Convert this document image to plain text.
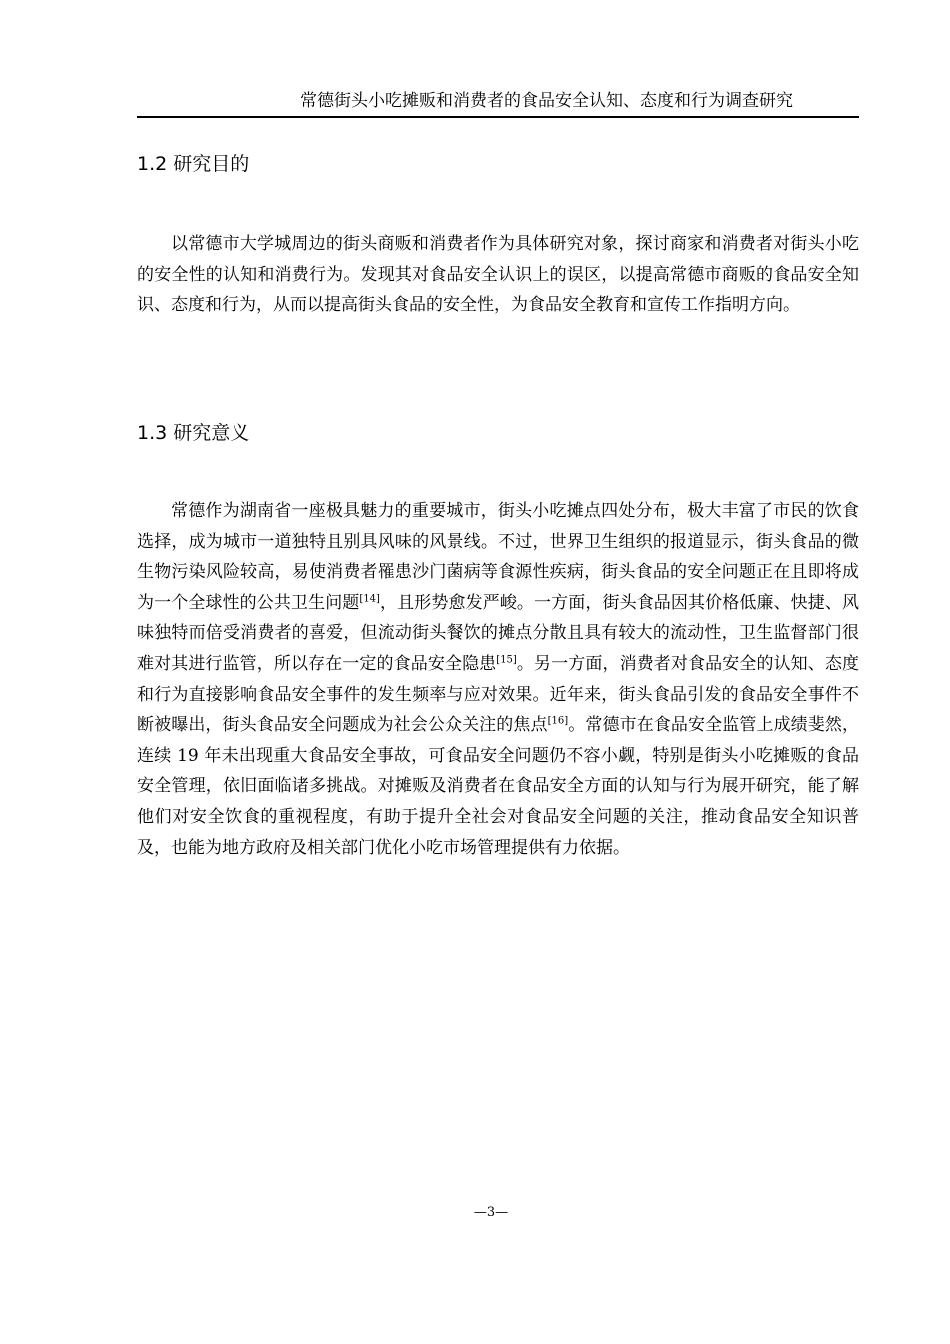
常德街头小吃摊贩和消费者的食品安全认知、态度和行为调查研究
1.2 研究目的

以常德市大学城周边的街头商贩和消费者作为具体研究对象，探讨商家和消费者对街头小吃的安全性的认知和消费行为。发现其对食品安全认识上的误区，以提高常德市商贩的食品安全知识、态度和行为，从而以提高街头食品的安全性，为食品安全教育和宣传工作指明方向。

1.3 研究意义

常德作为湖南省一座极具魅力的重要城市，街头小吃摊点四处分布，极大丰富了市民的饮食选择，成为城市一道独特且别具风味的风景线。不过，世界卫生组织的报道显示，街头食品的微生物污染风险较高，易使消费者罹患沙门菌病等食源性疾病，街头食品的安全问题正在且即将成为一个全球性的公共卫生问题[14]，且形势愈发严峻。一方面，街头食品因其价格低廉、快捷、风味独特而倍受消费者的喜爱，但流动街头餐饮的摊点分散且具有较大的流动性，卫生监督部门很难对其进行监管，所以存在一定的食品安全隐患[15]。另一方面，消费者对食品安全的认知、态度和行为直接影响食品安全事件的发生频率与应对效果。近年来，街头食品引发的食品安全事件不断被曝出，街头食品安全问题成为社会公众关注的焦点[16]。常德市在食品安全监管上成绩斐然，连续 19 年未出现重大食品安全事故，可食品安全问题仍不容小觑，特别是街头小吃摊贩的食品安全管理，依旧面临诸多挑战。对摊贩及消费者在食品安全方面的认知与行为展开研究，能了解他们对安全饮食的重视程度，有助于提升全社会对食品安全问题的关注，推动食品安全知识普及，也能为地方政府及相关部门优化小吃市场管理提供有力依据。

—3—
